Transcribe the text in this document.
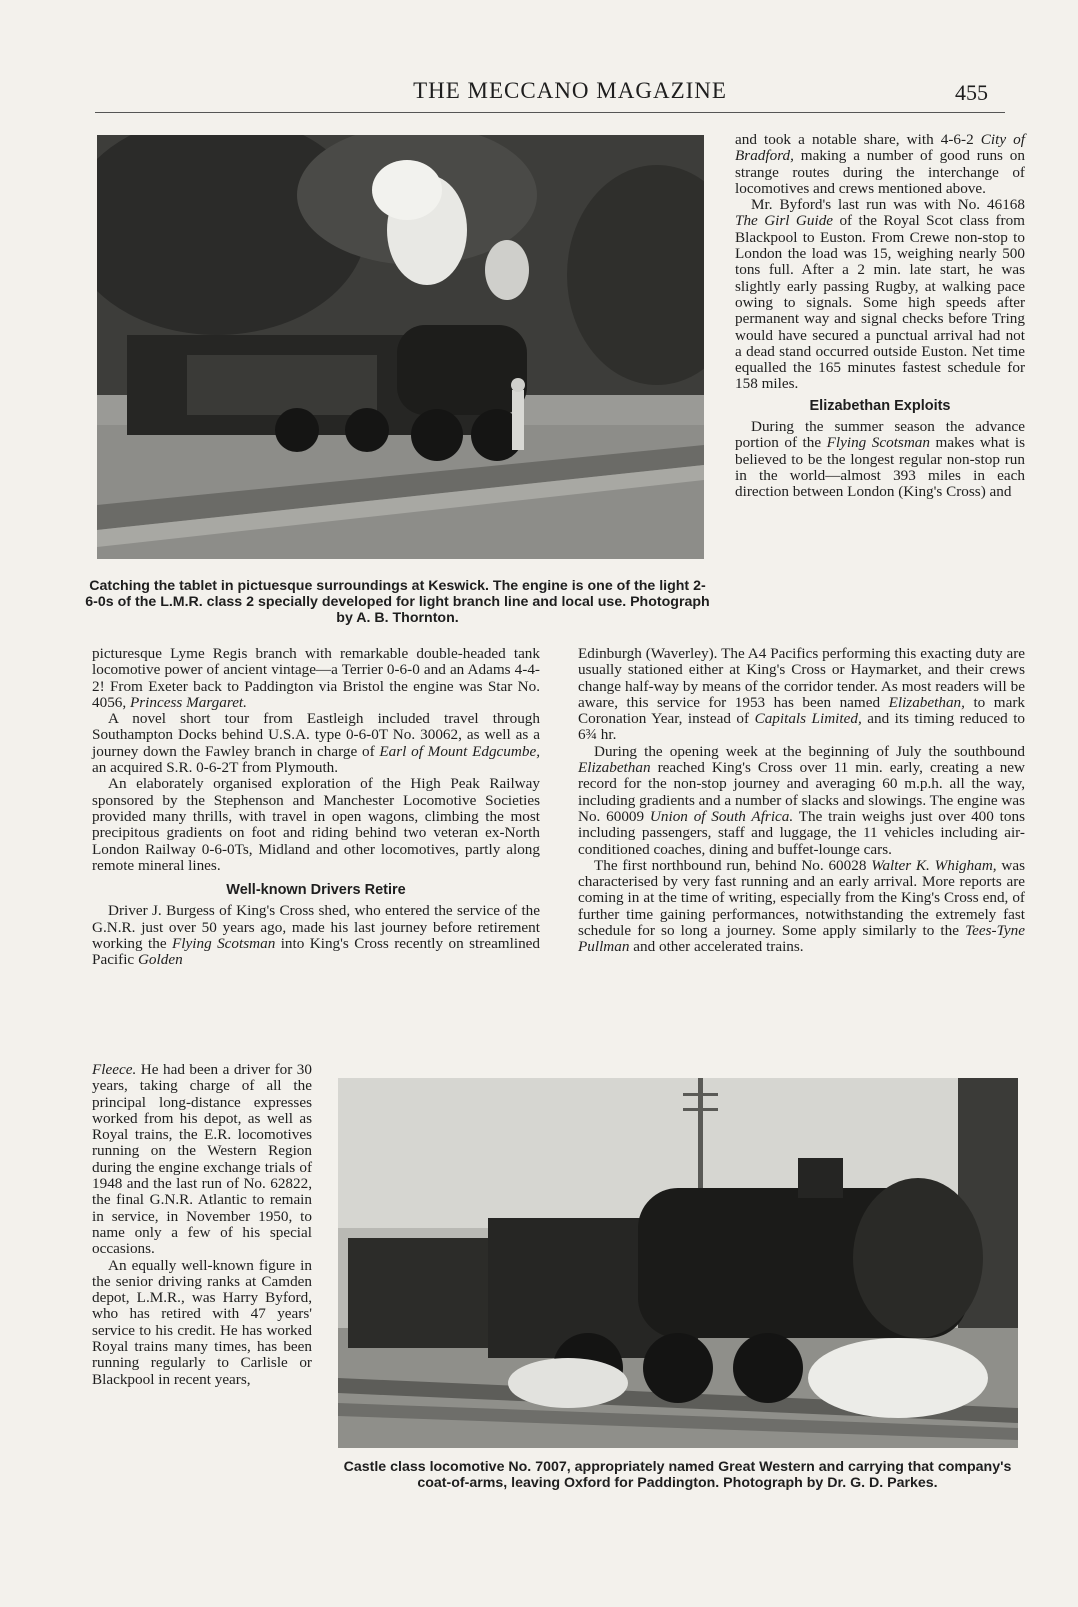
THE MECCANO MAGAZINE	455
Catching the tablet in pictuesque surroundings at Keswick. The engine is one of the light 2-6-0s of the L.M.R. class 2 specially developed for light branch line and local use. Photograph by A. B. Thornton.

and took a notable share, with 4-6-2 City of Bradford, making a number of good runs on strange routes during the interchange of locomotives and crews mentioned above.

Mr. Byford's last run was with No. 46168 The Girl Guide of the Royal Scot class from Blackpool to Euston. From Crewe non-stop to London the load was 15, weighing nearly 500 tons full. After a 2 min. late start, he was slightly early passing Rugby, at walking pace owing to signals. Some high speeds after permanent way and signal checks before Tring would have secured a punctual arrival had not a dead stand occurred outside Euston. Net time equalled the 165 minutes fastest schedule for 158 miles.

Elizabethan Exploits

During the summer season the advance portion of the Flying Scotsman makes what is believed to be the longest regular non-stop run in the world—almost 393 miles in each direction between London (King's Cross) and

picturesque Lyme Regis branch with remarkable double-headed tank locomotive power of ancient vintage—a Terrier 0-6-0 and an Adams 4-4-2! From Exeter back to Paddington via Bristol the engine was Star No. 4056, Princess Margaret.

A novel short tour from Eastleigh included travel through Southampton Docks behind U.S.A. type 0-6-0T No. 30062, as well as a journey down the Fawley branch in charge of Earl of Mount Edgcumbe, an acquired S.R. 0-6-2T from Plymouth.

An elaborately organised exploration of the High Peak Railway sponsored by the Stephenson and Manchester Locomotive Societies provided many thrills, with travel in open wagons, climbing the most precipitous gradients on foot and riding behind two veteran ex-North London Railway 0-6-0Ts, Midland and other locomotives, partly along remote mineral lines.

Well-known Drivers Retire

Driver J. Burgess of King's Cross shed, who entered the service of the G.N.R. just over 50 years ago, made his last journey before retirement working the Flying Scotsman into King's Cross recently on streamlined Pacific Golden

Fleece. He had been a driver for 30 years, taking charge of all the principal long-distance expresses worked from his depot, as well as Royal trains, the E.R. locomotives running on the Western Region during the engine exchange trials of 1948 and the last run of No. 62822, the final G.N.R. Atlantic to remain in service, in November 1950, to name only a few of his special occasions.

An equally well-known figure in the senior driving ranks at Camden depot, L.M.R., was Harry Byford, who has retired with 47 years' service to his credit. He has worked Royal trains many times, has been running regularly to Carlisle or Blackpool in recent years,

Edinburgh (Waverley). The A4 Pacifics performing this exacting duty are usually stationed either at King's Cross or Haymarket, and their crews change half-way by means of the corridor tender. As most readers will be aware, this service for 1953 has been named Elizabethan, to mark Coronation Year, instead of Capitals Limited, and its timing reduced to 6¾ hr.

During the opening week at the beginning of July the southbound Elizabethan reached King's Cross over 11 min. early, creating a new record for the non-stop journey and averaging 60 m.p.h. all the way, including gradients and a number of slacks and slowings. The engine was No. 60009 Union of South Africa. The train weighs just over 400 tons including passengers, staff and luggage, the 11 vehicles including air-conditioned coaches, dining and buffet-lounge cars.

The first northbound run, behind No. 60028 Walter K. Whigham, was characterised by very fast running and an early arrival. More reports are coming in at the time of writing, especially from the King's Cross end, of further time gaining performances, notwithstanding the extremely fast schedule for so long a journey. Some apply similarly to the Tees-Tyne Pullman and other accelerated trains.

Castle class locomotive No. 7007, appropriately named Great Western and carrying that company's coat-of-arms, leaving Oxford for Paddington. Photograph by Dr. G. D. Parkes.
